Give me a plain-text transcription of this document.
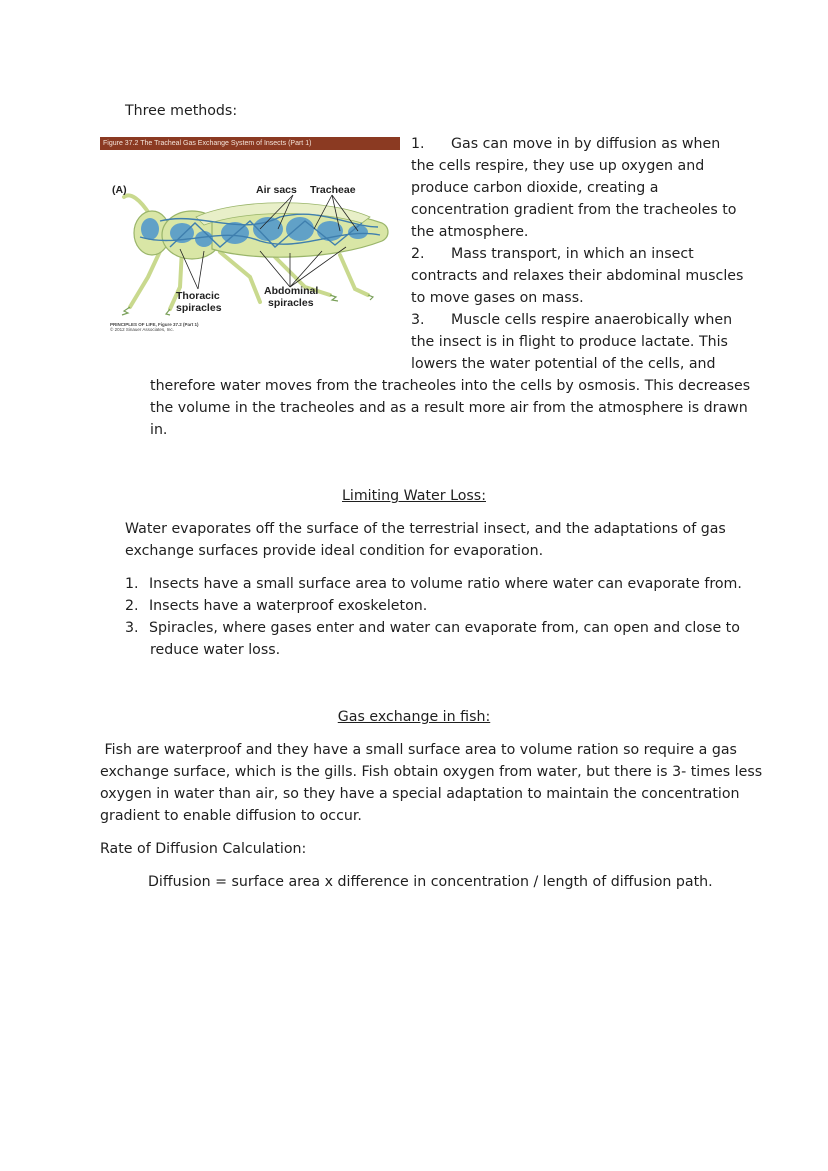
Three methods:
Figure 37.2 The Tracheal Gas Exchange System of Insects (Part 1)
(A)	Air sacs Tracheae
Thoracic
spiracles
Abdominal
spiracles
PRINCIPLES OF LIFE, Figure 37.2 (Part 1)
© 2012 Sinauer Associates, Inc.
1. Gas can move in by diffusion as when
the cells respire, they use up oxygen and
produce carbon dioxide, creating a
concentration gradient from the tracheoles to
the atmosphere.
2. Mass transport, in which an insect
contracts and relaxes their abdominal muscles
to move gases on mass.
3. Muscle cells respire anaerobically when
the insect is in flight to produce lactate. This
lowers the water potential of the cells, and
therefore water moves from the tracheoles into the cells by osmosis. This decreases
the volume in the tracheoles and as a result more air from the atmosphere is drawn
in.
Limiting Water Loss:
Water evaporates off the surface of the terrestrial insect, and the adaptations of gas
exchange surfaces provide ideal condition for evaporation.
1. Insects have a small surface area to volume ratio where water can evaporate from.
2. Insects have a waterproof exoskeleton.
3. Spiracles, where gases enter and water can evaporate from, can open and close to
reduce water loss.
Gas exchange in fish:
Fish are waterproof and they have a small surface area to volume ration so require a gas
exchange surface, which is the gills. Fish obtain oxygen from water, but there is 3- times less
oxygen in water than air, so they have a special adaptation to maintain the concentration
gradient to enable diffusion to occur.
Rate of Diffusion Calculation:
Diffusion = surface area x difference in concentration / length of diffusion path.
